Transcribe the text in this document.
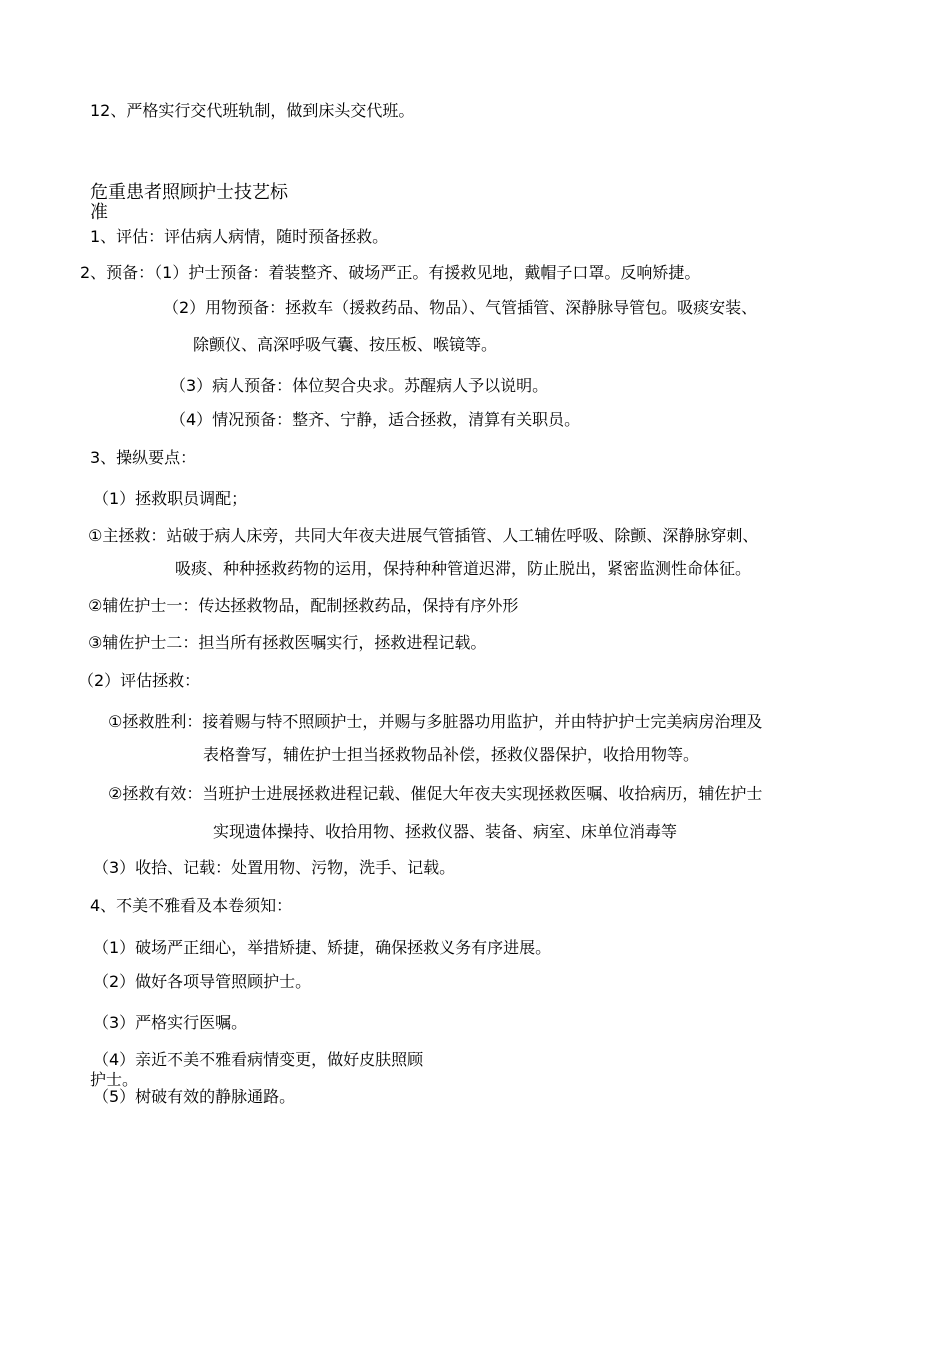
12、严格实行交代班轨制，做到床头交代班。
危重患者照顾护士技艺标
准
1、评估：评估病人病情，随时预备拯救。
2、预备：（1）护士预备：着装整齐、破场严正。有援救见地，戴帽子口罩。反响矫捷。
（2）用物预备：拯救车（援救药品、物品）、气管插管、深静脉导管包。吸痰安装、
除颤仪、高深呼吸气囊、按压板、喉镜等。
（3）病人预备：体位契合央求。苏醒病人予以说明。
（4）情况预备：整齐、宁静，适合拯救，清算有关职员。
3、操纵要点：
（1）拯救职员调配；
①主拯救：站破于病人床旁，共同大年夜夫进展气管插管、人工辅佐呼吸、除颤、深静脉穿刺、
吸痰、种种拯救药物的运用，保持种种管道迟滞，防止脱出，紧密监测性命体征。
②辅佐护士一：传达拯救物品，配制拯救药品，保持有序外形
③辅佐护士二：担当所有拯救医嘱实行，拯救进程记载。
（2）评估拯救：
①拯救胜利：接着赐与特不照顾护士，并赐与多脏器功用监护，并由特护护士完美病房治理及
表格誊写，辅佐护士担当拯救物品补偿，拯救仪器保护，收拾用物等。
②拯救有效：当班护士进展拯救进程记载、催促大年夜夫实现拯救医嘱、收拾病历，辅佐护士
实现遗体操持、收拾用物、拯救仪器、装备、病室、床单位消毒等
（3）收拾、记载：处置用物、污物，洗手、记载。
4、不美不雅看及本卷须知：
（1）破场严正细心，举措矫捷、矫捷，确保拯救义务有序进展。
（2）做好各项导管照顾护士。
（3）严格实行医嘱。
（4）亲近不美不雅看病情变更，做好皮肤照顾
护士。
（5）树破有效的静脉通路。
